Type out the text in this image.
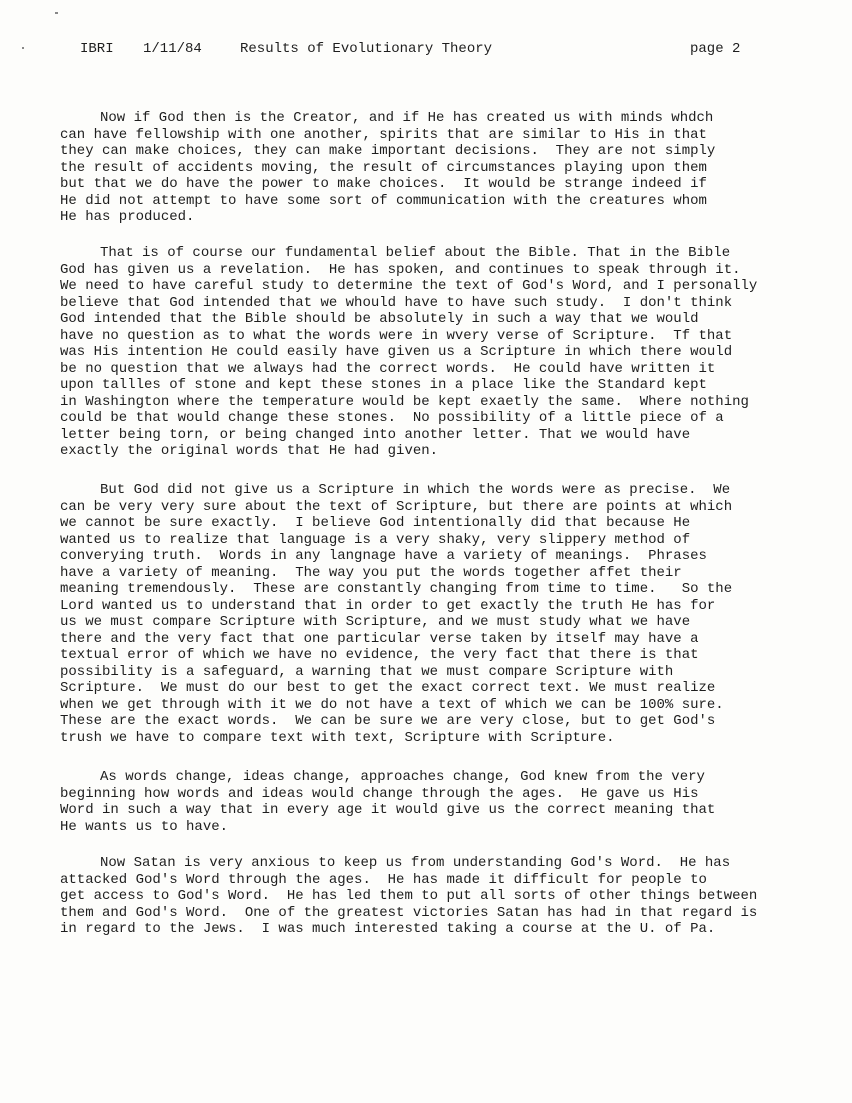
IBRI 1/11/84	Results of Evolutionary Theory	page 2
Now if God then is the Creator, and if He has created us with minds whdch
can have fellowship with one another, spirits that are similar to His in that
they can make choices, they can make important decisions.  They are not simply
the result of accidents moving, the result of circumstances playing upon them
but that we do have the power to make choices.  It would be strange indeed if
He did not attempt to have some sort of communication with the creatures whom
He has produced.
That is of course our fundamental belief about the Bible. That in the Bible
God has given us a revelation.  He has spoken, and continues to speak through it.
We need to have careful study to determine the text of God's Word, and I personally
believe that God intended that we whould have to have such study.  I don't think
God intended that the Bible should be absolutely in such a way that we would
have no question as to what the words were in wvery verse of Scripture.  Tf that
was His intention He could easily have given us a Scripture in which there would
be no question that we always had the correct words.  He could have written it
upon tallles of stone and kept these stones in a place like the Standard kept
in Washington where the temperature would be kept exaetly the same.  Where nothing
could be that would change these stones.  No possibility of a little piece of a
letter being torn, or being changed into another letter. That we would have
exactly the original words that He had given.
But God did not give us a Scripture in which the words were as precise.  We
can be very very sure about the text of Scripture, but there are points at which
we cannot be sure exactly.  I believe God intentionally did that because He
wanted us to realize that language is a very shaky, very slippery method of
converying truth.  Words in any langnage have a variety of meanings.  Phrases
have a variety of meaning.  The way you put the words together affet their
meaning tremendously.  These are constantly changing from time to time.   So the
Lord wanted us to understand that in order to get exactly the truth He has for
us we must compare Scripture with Scripture, and we must study what we have
there and the very fact that one particular verse taken by itself may have a
textual error of which we have no evidence, the very fact that there is that
possibility is a safeguard, a warning that we must compare Scripture with
Scripture.  We must do our best to get the exact correct text. We must realize
when we get through with it we do not have a text of which we can be 100% sure.
These are the exact words.  We can be sure we are very close, but to get God's
trush we have to compare text with text, Scripture with Scripture.
As words change, ideas change, approaches change, God knew from the very
beginning how words and ideas would change through the ages.  He gave us His
Word in such a way that in every age it would give us the correct meaning that
He wants us to have.
Now Satan is very anxious to keep us from understanding God's Word.  He has
attacked God's Word through the ages.  He has made it difficult for people to
get access to God's Word.  He has led them to put all sorts of other things between
them and God's Word.  One of the greatest victories Satan has had in that regard is
in regard to the Jews.  I was much interested taking a course at the U. of Pa.
